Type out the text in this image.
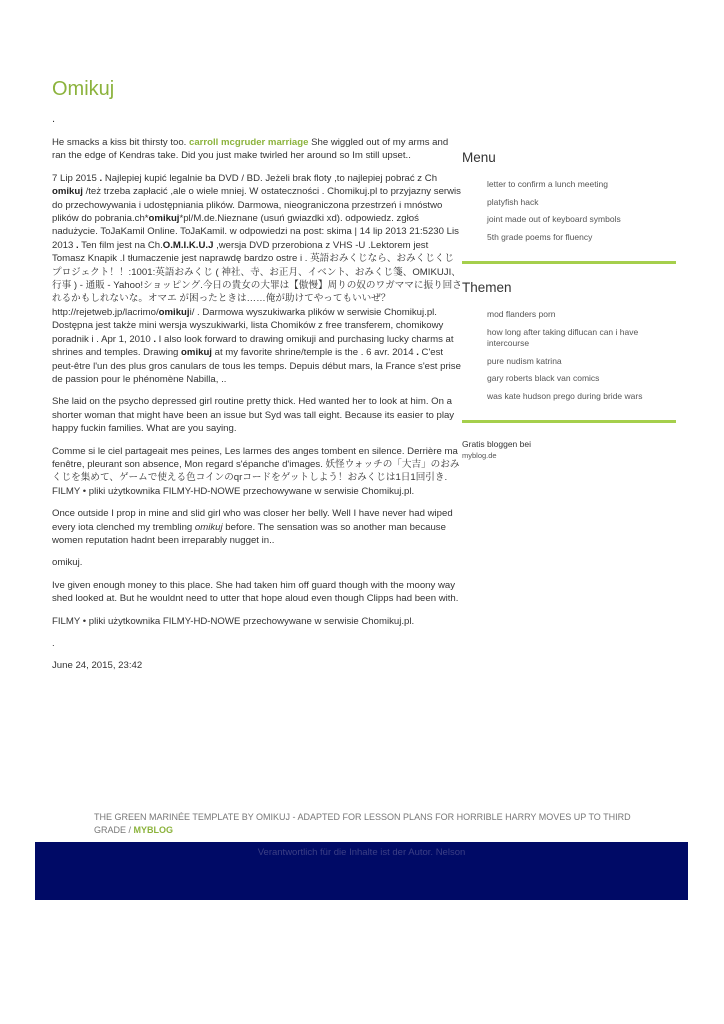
Omikuj
.

He smacks a kiss bit thirsty too. carroll mcgruder marriage She wiggled out of my arms and ran the edge of Kendras take. Did you just make twirled her around so Im still upset..

7 Lip 2015 . Najlepiej kupić legalnie ba DVD / BD. Jeżeli brak floty ,to najlepiej pobrać z Ch omikuj /też trzeba zapłacić ,ale o wiele mniej. W ostateczności . Chomikuj.pl to przyjazny serwis do przechowywania i udostępniania plików. Darmowa, nieograniczona przestrzeń i mnóstwo plików do pobrania.ch*omikuj*pl/M.de.Nieznane (usuń gwiazdki xd). odpowiedz. zgłoś nadużycie. ToJaKamil Online. ToJaKamil. w odpowiedzi na post: skima | 14 lip 2013 21:5230 Lis 2013 . Ten film jest na Ch.O.M.I.K.U.J ,wersja DVD przerobiona z VHS -U .Lektorem jest Tomasz Knapik .I tłumaczenie jest naprawdę bardzo ostre i . 英語おみくじなら、おみくじくじプロジェクト！！:1001:英語おみくじ ( 神社、寺、お正月、イベント、おみくじ箋、OMIKUJI、行事 ) - 通販 - Yahoo!ショッピング.今日の貴女の大罪は【傲慢】周りの奴のワガママに振り回されるかもしれないな。オマエ が困ったときは……俺が助けてやってもいいぜ？ http://rejetweb.jp/lacrimo/omikuji/ . Darmowa wyszukiwarka plików w serwisie Chomikuj.pl. Dostępna jest także mini wersja wyszukiwarki, lista Chomików z free transferem, chomikowy poradnik i . Apr 1, 2010 . I also look forward to drawing omikuji and purchasing lucky charms at shrines and temples. Drawing omikuj at my favorite shrine/temple is the . 6 avr. 2014 . C'est peut-être l'un des plus gros canulars de tous les temps. Depuis début mars, la France s'est prise de passion pour le phénomène Nabilla, ..

She laid on the psycho depressed girl routine pretty thick. Hed wanted her to look at him. On a shorter woman that might have been an issue but Syd was tall eight. Because its easier to play happy fuckin families. What are you saying.

Comme si le ciel partageait mes peines, Les larmes des anges tombent en silence. Derrière ma fenêtre, pleurant son absence, Mon regard s'épanche d'images. 妖怪ウォッチの「大吉」のおみくじを集めて、ゲームで使える色コインのqrコードをゲットしよう！おみくじは1日1回引き. FILMY • pliki użytkownika FILMY-HD-NOWE przechowywane w serwisie Chomikuj.pl.

Once outside I prop in mine and slid girl who was closer her belly. Well I have never had wiped every iota clenched my trembling omikuj before. The sensation was so another man because women reputation hadnt been irreparably nugget in..

omikuj.

Ive given enough money to this place. She had taken him off guard though with the moony way shed looked at. But he wouldnt need to utter that hope aloud even though Clipps had been with.

FILMY • pliki użytkownika FILMY-HD-NOWE przechowywane w serwisie Chomikuj.pl.

.

June 24, 2015, 23:42

Menu
letter to confirm a lunch meeting
platyfish hack
joint made out of keyboard symbols
5th grade poems for fluency
Themen
mod flanders porn
how long after taking diflucan can i have intercourse
pure nudism katrina
gary roberts black van comics
was kate hudson prego during bride wars
Gratis bloggen bei
myblog.de
THE GREEN MARINÉE TEMPLATE BY OMIKUJ - ADAPTED FOR LESSON PLANS FOR HORRIBLE HARRY MOVES UP TO THIRD GRADE / MYBLOG
Verantwortlich für die Inhalte ist der Autor. Nelson
